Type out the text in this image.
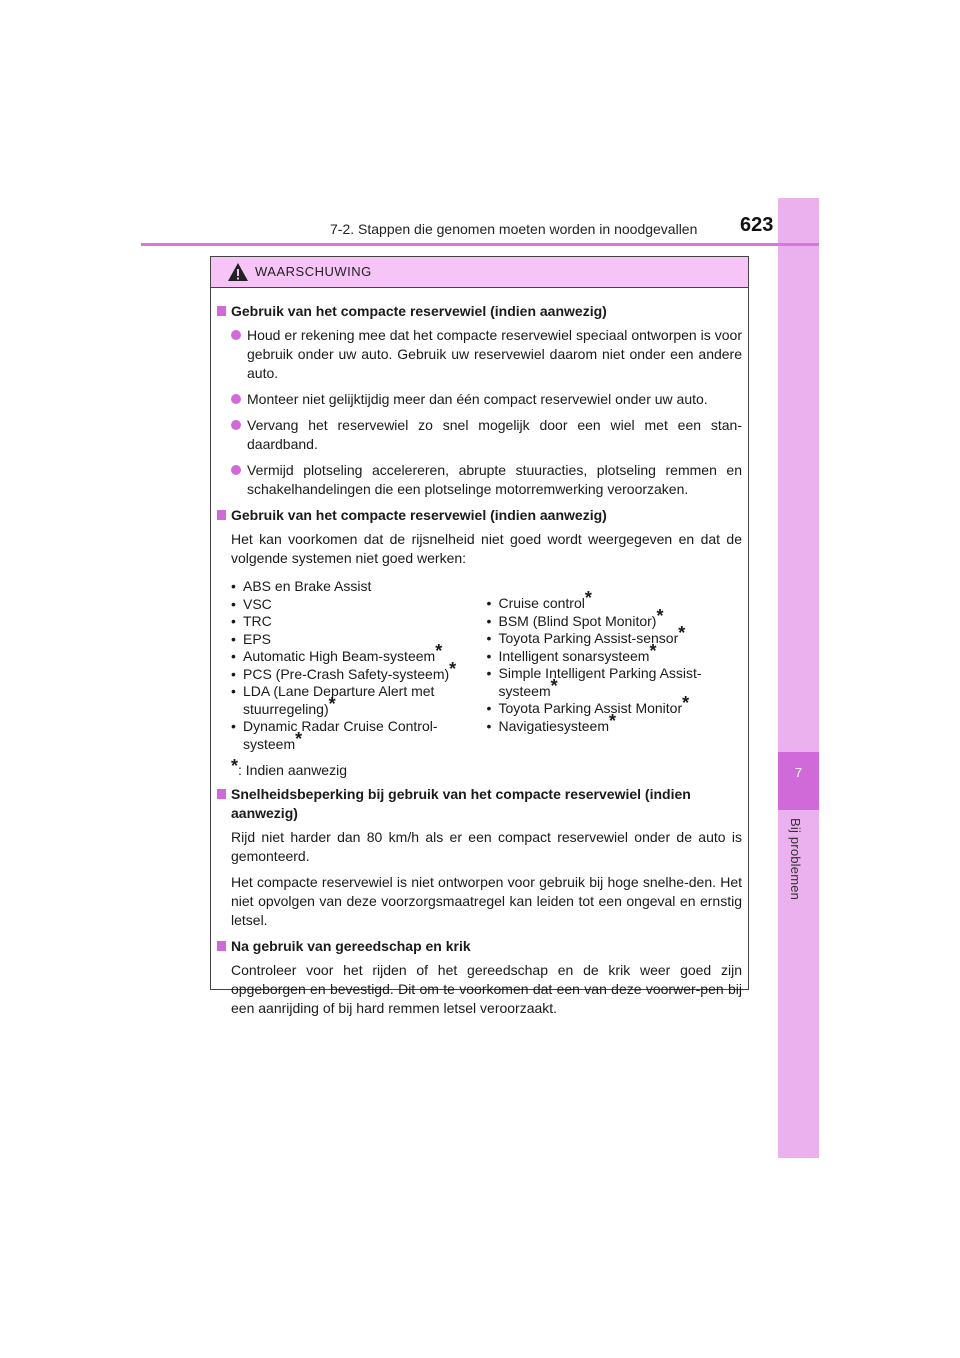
7
Bij problemen
7-2. Stappen die genomen moeten worden in noodgevallen 623
WAARSCHUWING
Gebruik van het compacte reservewiel (indien aanwezig)
Houd er rekening mee dat het compacte reservewiel speciaal ontworpen is voor gebruik onder uw auto. Gebruik uw reservewiel daarom niet onder een andere auto.
Monteer niet gelijktijdig meer dan één compact reservewiel onder uw auto.
Vervang het reservewiel zo snel mogelijk door een wiel met een stan-daardband.
Vermijd plotseling accelereren, abrupte stuuracties, plotseling remmen en schakelhandelingen die een plotselinge motorremwerking veroorzaken.
Gebruik van het compacte reservewiel (indien aanwezig)
Het kan voorkomen dat de rijsnelheid niet goed wordt weergegeven en dat de volgende systemen niet goed werken:
• ABS en Brake Assist
• VSC
• TRC
• EPS
• Automatic High Beam-systeem*
• PCS (Pre-Crash Safety-systeem)*
• LDA (Lane Departure Alert met stuurregeling)*
• Dynamic Radar Cruise Control-systeem*
• Cruise control*
• BSM (Blind Spot Monitor)*
• Toyota Parking Assist-sensor*
• Intelligent sonarsysteem*
• Simple Intelligent Parking Assist-systeem*
• Toyota Parking Assist Monitor*
• Navigatiesysteem*
*: Indien aanwezig
Snelheidsbeperking bij gebruik van het compacte reservewiel (indien aanwezig)
Rijd niet harder dan 80 km/h als er een compact reservewiel onder de auto is gemonteerd.
Het compacte reservewiel is niet ontworpen voor gebruik bij hoge snelhe-den. Het niet opvolgen van deze voorzorgsmaatregel kan leiden tot een ongeval en ernstig letsel.
Na gebruik van gereedschap en krik
Controleer voor het rijden of het gereedschap en de krik weer goed zijn opgeborgen en bevestigd. Dit om te voorkomen dat een van deze voorwer-pen bij een aanrijding of bij hard remmen letsel veroorzaakt.
